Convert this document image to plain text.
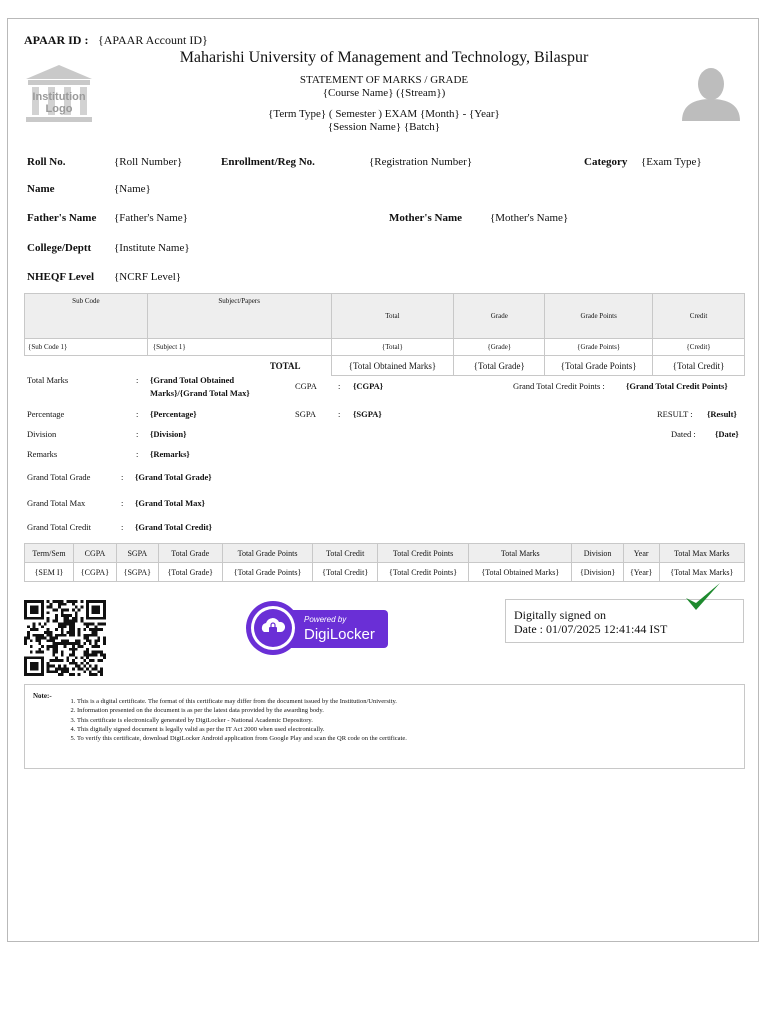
APAAR ID : {APAAR Account ID}
Maharishi University of Management and Technology, Bilaspur
STATEMENT OF MARKS / GRADE
{Course Name} ({Stream})
{Term Type} ( Semester ) EXAM {Month} - {Year}
{Session Name} {Batch}
Institution
Logo
Roll No.	{Roll Number}	Enrollment/Reg No.	{Registration Number}	Category {Exam Type}
Name	{Name}
Father's Name {Father's Name}	Mother's Name	{Mother's Name}
College/Deptt {Institute Name}
NHEQF Level {NCRF Level}
Sub Code	Subject/Papers	Total	Grade	Grade Points	Credit
{Sub Code 1}	{Subject 1}	{Total}	{Grade}	{Grade Points}	{Credit}
	TOTAL	{Total Obtained Marks}	{Total Grade}	{Total Grade Points}	{Total Credit}
Total Marks	: {Grand Total Obtained
Marks}/{Grand Total Max}
CGPA : {CGPA}	Grand Total Credit Points : {Grand Total Credit Points}
Percentage	: {Percentage}	SGPA	: {SGPA}	RESULT : {Result}
Division	: {Division}	Dated : {Date}
Remarks	: {Remarks}
Grand Total Grade	: {Grand Total Grade}
Grand Total Max	: {Grand Total Max}
Grand Total Credit	: {Grand Total Credit}
Term/Sem	CGPA	SGPA	Total Grade	Total Grade Points	Total Credit	Total Credit Points	Total Marks	Division	Year	Total Max Marks
{SEM I}	{CGPA}	{SGPA}	{Total Grade}	{Total Grade Points}	{Total Credit}	{Total Credit Points}	{Total Obtained Marks}	{Division}	{Year}	{Total Max Marks}
Powered by
DigiLocker
Digitally signed on
Date : 01/07/2025 12:41:44 IST
Note:-
1. This is a digital certificate. The format of this certificate may differ from the document issued by the Institution/University.
2. Information presented on the document is as per the latest data provided by the awarding body.
3. This certificate is electronically generated by DigiLocker - National Academic Depository.
4. This digitally signed document is legally valid as per the IT Act 2000 when used electronically.
5. To verify this certificate, download DigiLocker Android application from Google Play and scan the QR code on the certificate.
